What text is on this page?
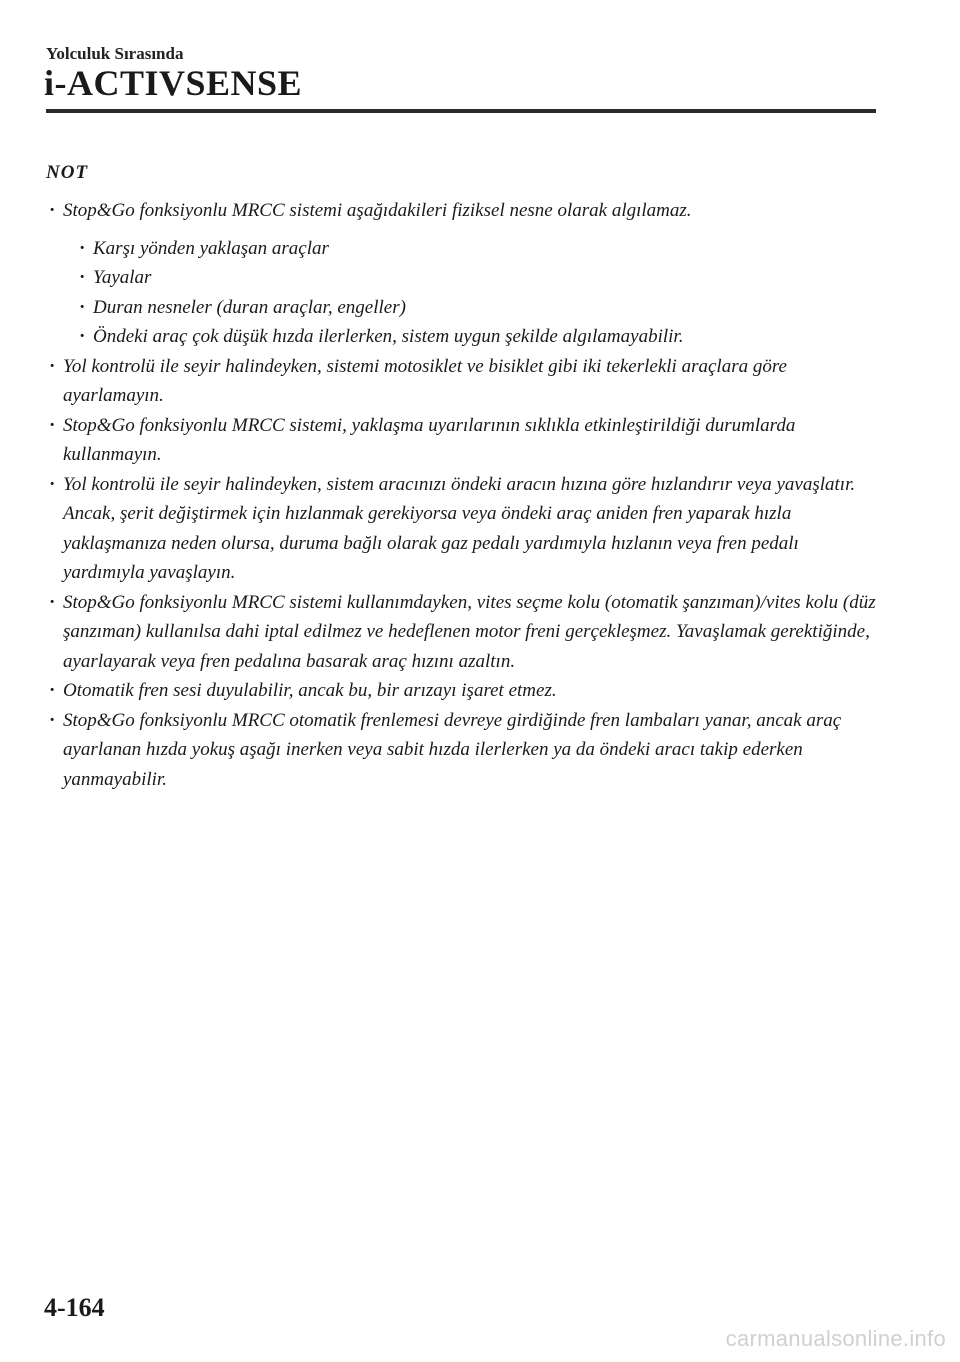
Yolculuk Sırasında
i-ACTIVSENSE
NOT
· Stop&Go fonksiyonlu MRCC sistemi aşağıdakileri fiziksel nesne olarak algılamaz.
· Karşı yönden yaklaşan araçlar
· Yayalar
· Duran nesneler (duran araçlar, engeller)
· Öndeki araç çok düşük hızda ilerlerken, sistem uygun şekilde algılamayabilir.
· Yol kontrolü ile seyir halindeyken, sistemi motosiklet ve bisiklet gibi iki tekerlekli araçlara göre ayarlamayın.
· Stop&Go fonksiyonlu MRCC sistemi, yaklaşma uyarılarının sıklıkla etkinleştirildiği durumlarda kullanmayın.
· Yol kontrolü ile seyir halindeyken, sistem aracınızı öndeki aracın hızına göre hızlandırır veya yavaşlatır. Ancak, şerit değiştirmek için hızlanmak gerekiyorsa veya öndeki araç aniden fren yaparak hızla yaklaşmanıza neden olursa, duruma bağlı olarak gaz pedalı yardımıyla hızlanın veya fren pedalı yardımıyla yavaşlayın.
· Stop&Go fonksiyonlu MRCC sistemi kullanımdayken, vites seçme kolu (otomatik şanzıman)/vites kolu (düz şanzıman) kullanılsa dahi iptal edilmez ve hedeflenen motor freni gerçekleşmez. Yavaşlamak gerektiğinde, ayarlayarak veya fren pedalına basarak araç hızını azaltın.
· Otomatik fren sesi duyulabilir, ancak bu, bir arızayı işaret etmez.
· Stop&Go fonksiyonlu MRCC otomatik frenlemesi devreye girdiğinde fren lambaları yanar, ancak araç ayarlanan hızda yokuş aşağı inerken veya sabit hızda ilerlerken ya da öndeki aracı takip ederken yanmayabilir.
4-164
carmanualsonline.info
